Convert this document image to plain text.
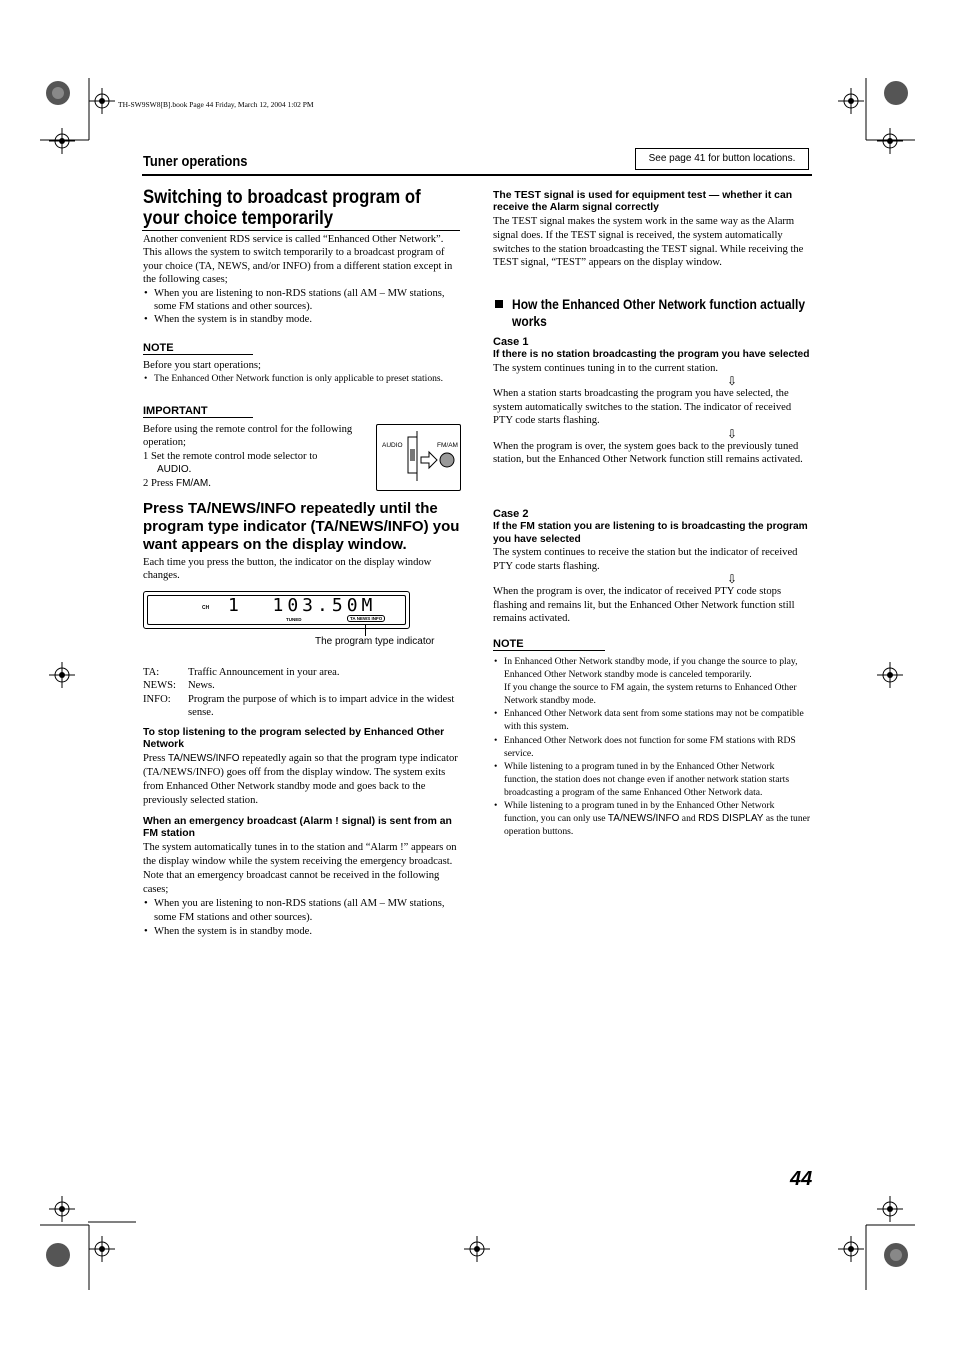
TH-SW9SW8[B].book Page 44 Friday, March 12, 2004 1:02 PM
Tuner operations	See page 41 for button locations.
Switching to broadcast program of your choice temporarily
Another convenient RDS service is called “Enhanced Other Network”.
This allows the system to switch temporarily to a broadcast program of your choice (TA, NEWS, and/or INFO) from a different station except in the following cases;
• When you are listening to non-RDS stations (all AM – MW stations, some FM stations and other sources).
• When the system is in standby mode.
NOTE
Before you start operations;
• The Enhanced Other Network function is only applicable to preset stations.
IMPORTANT
Before using the remote control for the following operation;
1 Set the remote control mode selector to
AUDIO.
2 Press FM/AM.
AUDIO	FM/AM
Press TA/NEWS/INFO repeatedly until the program type indicator (TA/NEWS/INFO) you want appears on the display window.
Each time you press the button, the indicator on the display window changes.
CH 1  103.50M
TUNED	TA NEWS INFO
The program type indicator
TA:	Traffic Announcement in your area.
NEWS:	News.
INFO:	Program the purpose of which is to impart advice in the widest sense.
To stop listening to the program selected by Enhanced Other Network
Press TA/NEWS/INFO repeatedly again so that the program type indicator (TA/NEWS/INFO) goes off from the display window. The system exits from Enhanced Other Network standby mode and goes back to the previously selected station.
When an emergency broadcast (Alarm ! signal) is sent from an FM station
The system automatically tunes in to the station and “Alarm !” appears on the display window while the system receiving the emergency broadcast.
Note that an emergency broadcast cannot be received in the following cases;
• When you are listening to non-RDS stations (all AM – MW stations, some FM stations and other sources).
• When the system is in standby mode.
The TEST signal is used for equipment test — whether it can receive the Alarm signal correctly
The TEST signal makes the system work in the same way as the Alarm signal does. If the TEST signal is received, the system automatically switches to the station broadcasting the TEST signal. While receiving the TEST signal, “TEST” appears on the display window.
How the Enhanced Other Network function actually works
Case 1
If there is no station broadcasting the program you have selected
The system continues tuning in to the current station.
⇩
When a station starts broadcasting the program you have selected, the system automatically switches to the station. The indicator of received PTY code starts flashing.
⇩
When the program is over, the system goes back to the previously tuned station, but the Enhanced Other Network function still remains activated.
Case 2
If the FM station you are listening to is broadcasting the program you have selected
The system continues to receive the station but the indicator of received PTY code starts flashing.
⇩
When the program is over, the indicator of received PTY code stops flashing and remains lit, but the Enhanced Other Network function still remains activated.
NOTE
• In Enhanced Other Network standby mode, if you change the source to play, Enhanced Other Network standby mode is canceled temporarily.
If you change the source to FM again, the system returns to Enhanced Other Network standby mode.
• Enhanced Other Network data sent from some stations may not be compatible with this system.
• Enhanced Other Network does not function for some FM stations with RDS service.
• While listening to a program tuned in by the Enhanced Other Network function, the station does not change even if another network station starts broadcasting a program of the same Enhanced Other Network data.
• While listening to a program tuned in by the Enhanced Other Network function, you can only use TA/NEWS/INFO and RDS DISPLAY as the tuner operation buttons.
44
